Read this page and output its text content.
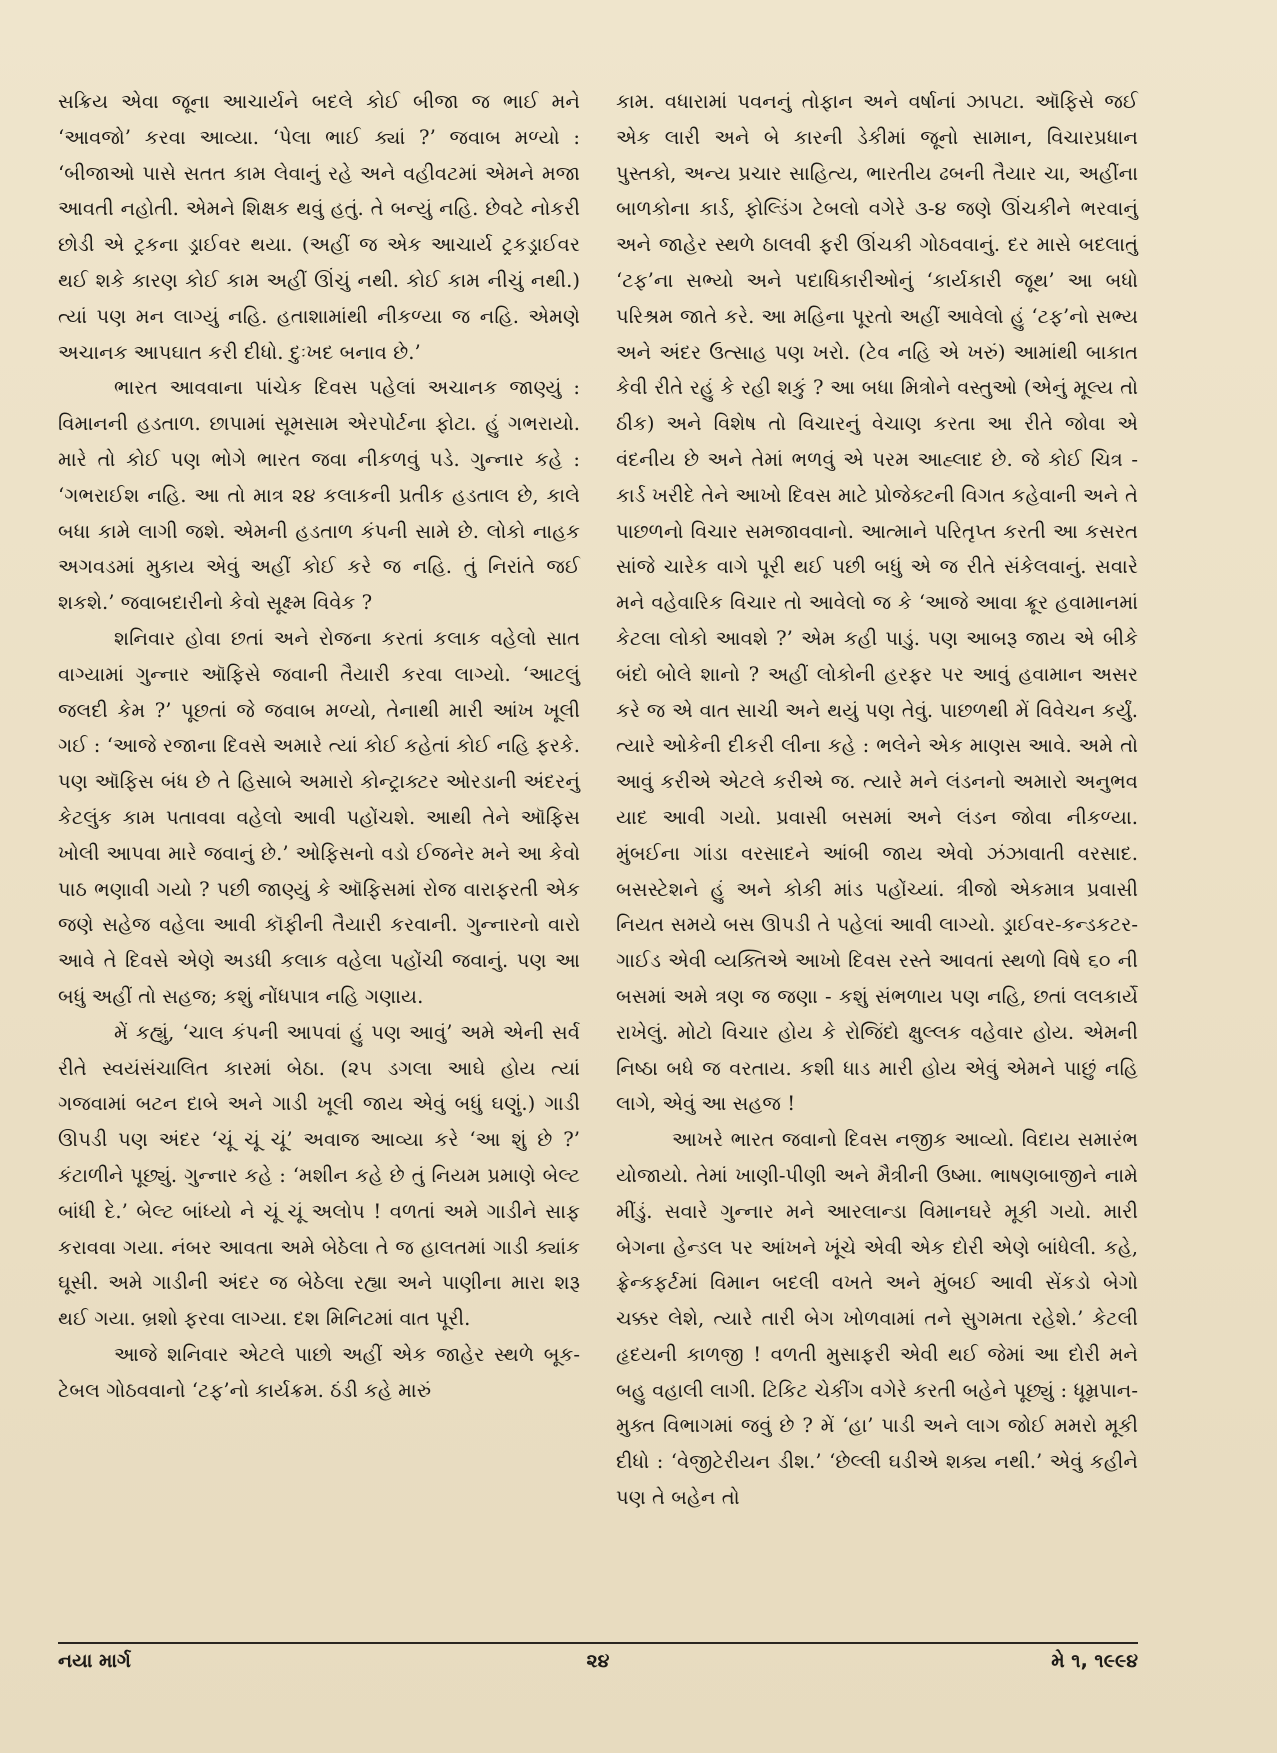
સક્રિય એવા જૂના આચાર્યને બદલે કોઈ બીજા જ ભાઈ મને ‘આવજો’ કરવા આવ્યા. ‘પેલા ભાઈ ક્યાં ?’ જવાબ મળ્યો : ‘બીજાઓ પાસે સતત કામ લેવાનું રહે અને વહીવટમાં એમને મજા આવતી નહોતી. એમને શિક્ષક થવું હતું. તે બન્યું નહિ. છેવટે નોકરી છોડી એ ટ્રકના ડ્રાઈવર થયા. (અહીં જ એક આચાર્ય ટ્રકડ્રાઈવર થઈ શકે કારણ કોઈ કામ અહીં ઊંચું નથી. કોઈ કામ નીચું નથી.) ત્યાં પણ મન લાગ્યું નહિ. હતાશામાંથી નીકળ્યા જ નહિ. એમણે અચાનક આપઘાત કરી દીધો. દુઃખદ બનાવ છે.’

ભારત આવવાના પાંચેક દિવસ પહેલાં અચાનક જાણ્યું : વિમાનની હડતાળ. છાપામાં સૂમસામ એરપોર્ટના ફોટા. હું ગભરાયો. મારે તો કોઈ પણ ભોગે ભારત જવા નીકળવું પડે. ગુન્નાર કહે : ‘ગભરાઈશ નહિ. આ તો માત્ર ૨૪ કલાકની પ્રતીક હડતાલ છે, કાલે બધા કામે લાગી જશે. એમની હડતાળ કંપની સામે છે. લોકો નાહક અગવડમાં મુકાય એવું અહીં કોઈ કરે જ નહિ. તું નિરાંતે જઈ શકશે.’ જવાબદારીનો કેવો સૂક્ષ્મ વિવેક ?

શનિવાર હોવા છતાં અને રોજના કરતાં કલાક વહેલો સાત વાગ્યામાં ગુન્નાર ઑફિસે જવાની તૈયારી કરવા લાગ્યો. ‘આટલું જલદી કેમ ?’ પૂછતાં જે જવાબ મળ્યો, તેનાથી મારી આંખ ખૂલી ગઈ : ‘આજે રજાના દિવસે અમારે ત્યાં કોઈ કહેતાં કોઈ નહિ ફરકે. પણ ઑફિસ બંધ છે તે હિસાબે અમારો કોન્ટ્રાક્ટર ઓરડાની અંદરનું કેટલુંક કામ પતાવવા વહેલો આવી પહોંચશે. આથી તેને ઑફિસ ખોલી આપવા મારે જવાનું છે.’ ઓફિસનો વડો ઈજનેર મને આ કેવો પાઠ ભણાવી ગયો ? પછી જાણ્યું કે ઑફિસમાં રોજ વારાફરતી એક જણે સહેજ વહેલા આવી કૉફીની તૈયારી કરવાની. ગુન્નારનો વારો આવે તે દિવસે એણે અડધી કલાક વહેલા પહોંચી જવાનું. પણ આ બધું અહીં તો સહજ; કશું નોંધપાત્ર નહિ ગણાય.

મેં કહ્યું, ‘ચાલ કંપની આપવાં હું પણ આવું’ અમે એની સર્વ રીતે સ્વયંસંચાલિત કારમાં બેઠા. (૨૫ ડગલા આઘે હોય ત્યાં ગજવામાં બટન દાબે અને ગાડી ખૂલી જાય એવું બધું ઘણું.) ગાડી ઊપડી પણ અંદર ‘ચૂં ચૂં ચૂં’ અવાજ આવ્યા કરે ‘આ શું છે ?’ કંટાળીને પૂછ્યું. ગુન્નાર કહે : ‘મશીન કહે છે તું નિયમ પ્રમાણે બેલ્ટ બાંધી દે.’ બેલ્ટ બાંધ્યો ને ચૂં ચૂં અલોપ ! વળતાં અમે ગાડીને સાફ કરાવવા ગયા. નંબર આવતા અમે બેઠેલા તે જ હાલતમાં ગાડી ક્યાંક ઘૂસી. અમે ગાડીની અંદર જ બેઠેલા રહ્યા અને પાણીના મારા શરૂ થઈ ગયા. બ્રશો ફરવા લાગ્યા. દશ મિનિટમાં વાત પૂરી.

આજે શનિવાર એટલે પાછો અહીં એક જાહેર સ્થળે બૂક-ટેબલ ગોઠવવાનો ‘ટફ’નો કાર્યક્રમ. ઠંડી કહે મારું

કામ. વધારામાં પવનનું તોફાન અને વર્ષાનાં ઝાપટા. ઑફિસે જઈ એક લારી અને બે કારની ડેકીમાં જૂનો સામાન, વિચારપ્રધાન પુસ્તકો, અન્ય પ્રચાર સાહિત્ય, ભારતીય ઢબની તૈયાર ચા, અહીંના બાળકોના કાર્ડ, ફોલ્ડિંગ ટેબલો વગેરે ૩-૪ જણે ઊંચકીને ભરવાનું અને જાહેર સ્થળે ઠાલવી ફરી ઊંચકી ગોઠવવાનું. દર માસે બદલાતું ‘ટફ’ના સભ્યો અને પદાધિકારીઓનું ‘કાર્યકારી જૂથ’ આ બધો પરિશ્રમ જાતે કરે. આ મહિના પૂરતો અહીં આવેલો હું ‘ટફ’નો સભ્ય અને અંદર ઉત્સાહ પણ ખરો. (ટેવ નહિ એ ખરું) આમાંથી બાકાત કેવી રીતે રહું કે રહી શકું ? આ બધા મિત્રોને વસ્તુઓ (એનું મૂલ્ય તો ઠીક) અને વિશેષ તો વિચારનું વેચાણ કરતા આ રીતે જોવા એ વંદનીય છે અને તેમાં ભળવું એ પરમ આહ્લાદ છે. જે કોઈ ચિત્ર - કાર્ડ ખરીદે તેને આખો દિવસ માટે પ્રોજેક્ટની વિગત કહેવાની અને તે પાછળનો વિચાર સમજાવવાનો. આત્માને પરિતૃપ્ત કરતી આ કસરત સાંજે ચારેક વાગે પૂરી થઈ પછી બધું એ જ રીતે સંકેલવાનું. સવારે મને વહેવારિક વિચાર તો આવેલો જ કે ‘આજે આવા ક્રૂર હવામાનમાં કેટલા લોકો આવશે ?’ એમ કહી પાડું. પણ આબરૂ જાય એ બીકે બંદો બોલે શાનો ? અહીં લોકોની હરફર પર આવું હવામાન અસર કરે જ એ વાત સાચી અને થયું પણ તેવું. પાછળથી મેં વિવેચન કર્યું. ત્યારે ઓકેની દીકરી લીના કહે : ભલેને એક માણસ આવે. અમે તો આવું કરીએ એટલે કરીએ જ. ત્યારે મને લંડનનો અમારો અનુભવ યાદ આવી ગયો. પ્રવાસી બસમાં અને લંડન જોવા નીકળ્યા. મુંબઈના ગાંડા વરસાદને આંબી જાય એવો ઝંઝાવાતી વરસાદ. બસસ્ટેશને હું અને કોકી માંડ પહોંચ્યાં. ત્રીજો એકમાત્ર પ્રવાસી નિયત સમયે બસ ઊપડી તે પહેલાં આવી લાગ્યો. ડ્રાઈવર-કન્ડકટર-ગાઈડ એવી વ્યક્તિએ આખો દિવસ રસ્તે આવતાં સ્થળો વિષે ૬૦ ની બસમાં અમે ત્રણ જ જણા - કશું સંભળાય પણ નહિ, છતાં લલકાર્યે રાખેલું. મોટો વિચાર હોય કે રોજિંદો ક્ષુલ્લક વહેવાર હોય. એમની નિષ્ઠા બધે જ વરતાય. કશી ધાડ મારી હોય એવું એમને પાછું નહિ લાગે, એવું આ સહજ !

આખરે ભારત જવાનો દિવસ નજીક આવ્યો. વિદાય સમારંભ યોજાયો. તેમાં ખાણી-પીણી અને મૈત્રીની ઉષ્મા. ભાષણબાજીને નામે મીંડું. સવારે ગુન્નાર મને આરલાન્ડા વિમાનઘરે મૂકી ગયો. મારી બેગના હેન્ડલ પર આંખને ખૂંચે એવી એક દોરી એણે બાંધેલી. કહે, ફ્રેન્કફર્ટમાં વિમાન બદલી વખતે અને મુંબઈ આવી સેંકડો બેગો ચક્કર લેશે, ત્યારે તારી બેગ ખોળવામાં તને સુગમતા રહેશે.’ કેટલી હૃદયની કાળજી ! વળતી મુસાફરી એવી થઈ જેમાં આ દોરી મને બહુ વહાલી લાગી. ટિકિટ ચેકીંગ વગેરે કરતી બહેને પૂછ્યું : ધૂમ્રપાન-મુક્ત વિભાગમાં જવું છે ? મેં ‘હા’ પાડી અને લાગ જોઈ મમરો મૂકી દીધો : ‘વેજીટેરીયન ડીશ.’ ‘છેલ્લી ઘડીએ શક્ય નથી.’ એવું કહીને પણ તે બહેન તો

નયા માર્ગ	૨૪	મે ૧, ૧૯૯૪
